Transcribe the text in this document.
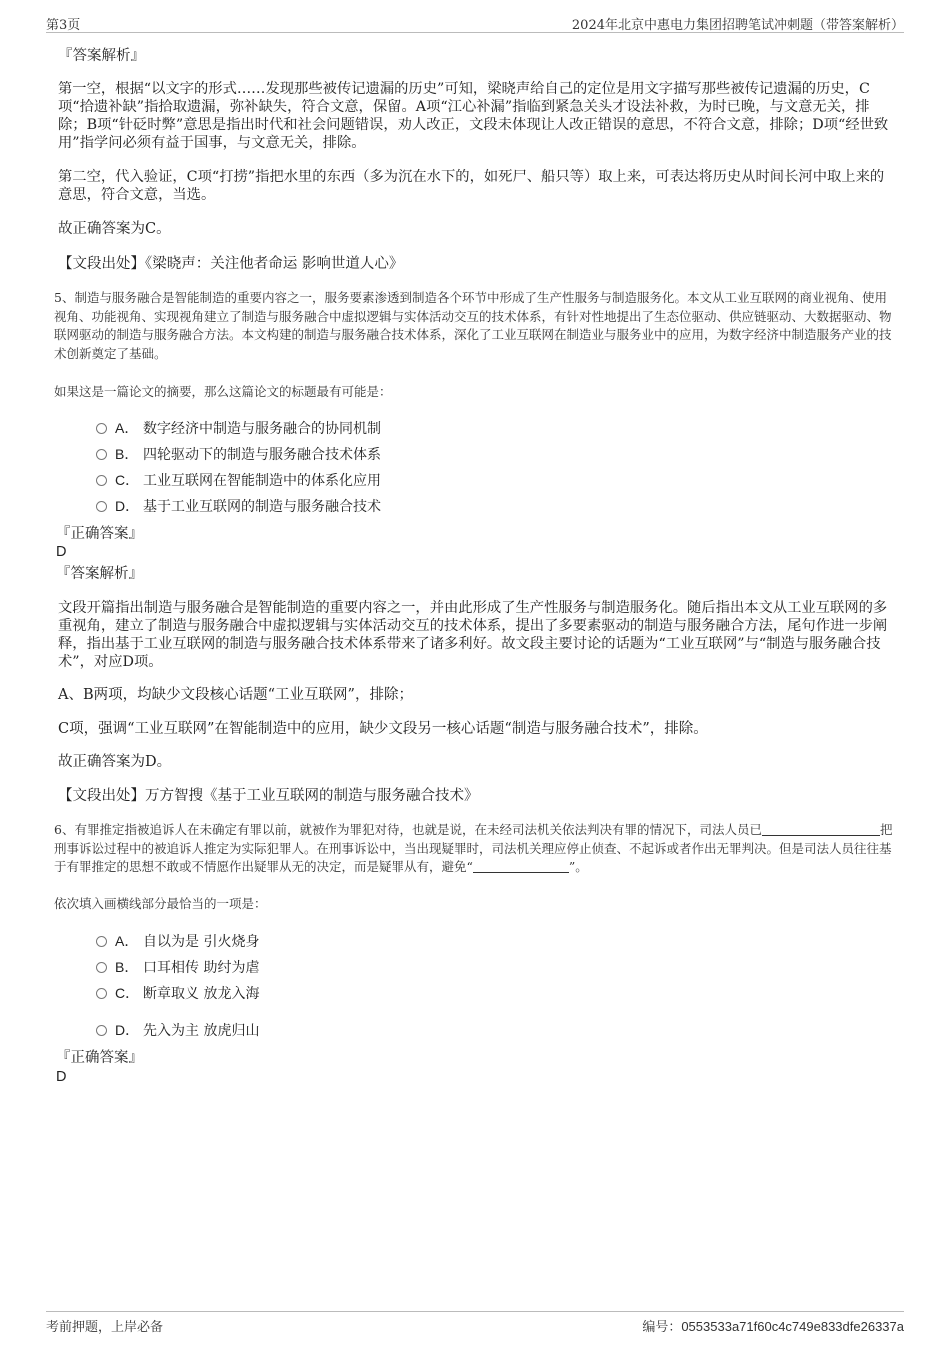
第3页	2024年北京中惠电力集团招聘笔试冲刺题（带答案解析）
『答案解析』
第一空，根据“以文字的形式……发现那些被传记遗漏的历史”可知，梁晓声给自己的定位是用文字描写那些被传记遗漏的历史，C项“拾遗补缺”指拾取遗漏，弥补缺失，符合文意，保留。A项“江心补漏”指临到紧急关头才设法补救，为时已晚，与文意无关，排除；B项“针砭时弊”意思是指出时代和社会问题错误，劝人改正，文段未体现让人改正错误的意思，不符合文意，排除；D项“经世致用”指学问必须有益于国事，与文意无关，排除。
第二空，代入验证，C项“打捞”指把水里的东西（多为沉在水下的，如死尸、船只等）取上来，可表达将历史从时间长河中取上来的意思，符合文意，当选。
故正确答案为C。
【文段出处】《梁晓声：关注他者命运 影响世道人心》
5、制造与服务融合是智能制造的重要内容之一，服务要素渗透到制造各个环节中形成了生产性服务与制造服务化。本文从工业互联网的商业视角、使用视角、功能视角、实现视角建立了制造与服务融合中虚拟逻辑与实体活动交互的技术体系，有针对性地提出了生态位驱动、供应链驱动、大数据驱动、物联网驱动的制造与服务融合方法。本文构建的制造与服务融合技术体系，深化了工业互联网在制造业与服务业中的应用，为数字经济中制造服务产业的技术创新奠定了基础。
如果这是一篇论文的摘要，那么这篇论文的标题最有可能是：
A． 数字经济中制造与服务融合的协同机制
B． 四轮驱动下的制造与服务融合技术体系
C． 工业互联网在智能制造中的体系化应用
D． 基于工业互联网的制造与服务融合技术
『正确答案』
D
『答案解析』
文段开篇指出制造与服务融合是智能制造的重要内容之一，并由此形成了生产性服务与制造服务化。随后指出本文从工业互联网的多重视角，建立了制造与服务融合中虚拟逻辑与实体活动交互的技术体系，提出了多要素驱动的制造与服务融合方法，尾句作进一步阐释，指出基于工业互联网的制造与服务融合技术体系带来了诸多利好。故文段主要讨论的话题为“工业互联网”与“制造与服务融合技术”，对应D项。
A、B两项，均缺少文段核心话题“工业互联网”，排除；
C项，强调“工业互联网”在智能制造中的应用，缺少文段另一核心话题“制造与服务融合技术”，排除。
故正确答案为D。
【文段出处】万方智搜《基于工业互联网的制造与服务融合技术》
6、有罪推定指被追诉人在未确定有罪以前，就被作为罪犯对待，也就是说，在未经司法机关依法判决有罪的情况下，司法人员已	把刑事诉讼过程中的被追诉人推定为实际犯罪人。在刑事诉讼中，当出现疑罪时，司法机关理应停止侦查、不起诉或者作出无罪判决。但是司法人员往往基于有罪推定的思想不敢或不情愿作出疑罪从无的决定，而是疑罪从有，避免“	”。
依次填入画横线部分最恰当的一项是：
A． 自以为是 引火烧身
B． 口耳相传 助纣为虐
C． 断章取义 放龙入海
D． 先入为主 放虎归山
『正确答案』
D
考前押题，上岸必备	编号：0553533a71f60c4c749e833dfe26337a
